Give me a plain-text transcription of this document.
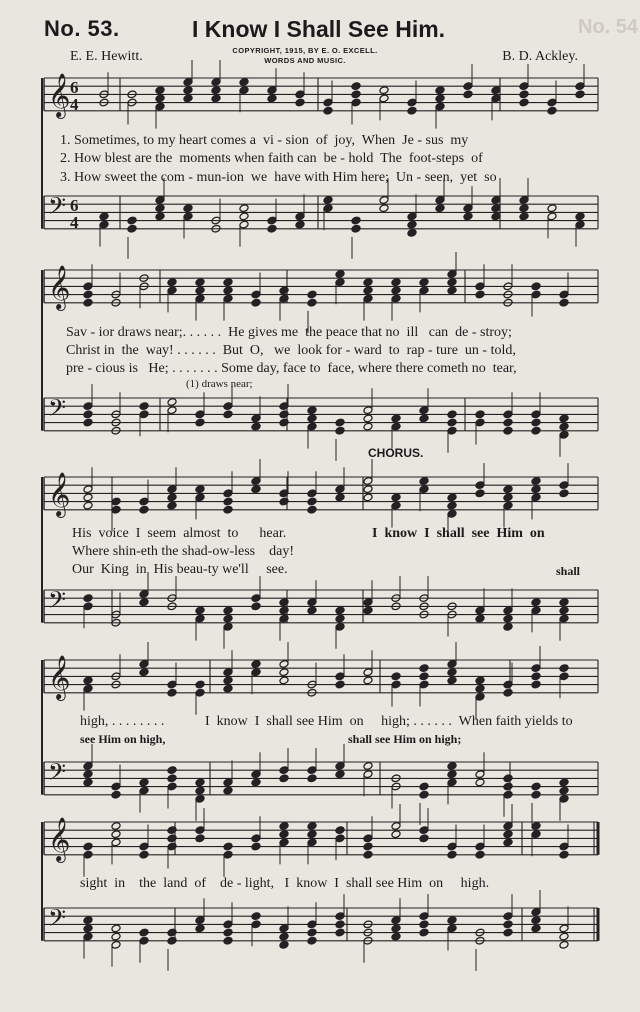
No. 53.	I Know I Shall See Him.	No. 54
E. E. Hewitt.	COPYRIGHT, 1915, BY E. O. EXCELL.
WORDS AND MUSIC.	B. D. Ackley.
𝄞 6
4
𝄢 6
4
𝄞
𝄢
𝄞
𝄢
𝄞
𝄢
𝄞
𝄢
1. Sometimes, to my heart comes a  vi - sion  of  joy,  When  Je - sus  my
2. How blest are the  moments when faith can  be - hold  The  foot-steps  of
3. How sweet the com - mun-ion  we  have with Him here;  Un - seen,  yet  so
Sav - ior draws near;. . . . . .  He gives me  the peace that no  ill   can  de - stroy;
Christ in  the  way! . . . . . .  But  O,   we  look for - ward  to  rap - ture  un - told,
pre - cious is   He; . . . . . . . Some day, face to  face, where there cometh no  tear,
(1) draws near;
CHORUS.
His  voice  I  seem  almost  to      hear.	I  know  I  shall  see  Him  on
Where shin-eth the shad-ow-less    day!
Our  King  in  His beau-ty we'll     see.	shall
high, . . . . . . . .	I  know  I  shall see Him  on     high; . . . . . .  When faith yields to
see Him on high,	shall see Him on high;
sight  in    the  land  of    de - light,   I  know  I  shall see Him  on     high.
